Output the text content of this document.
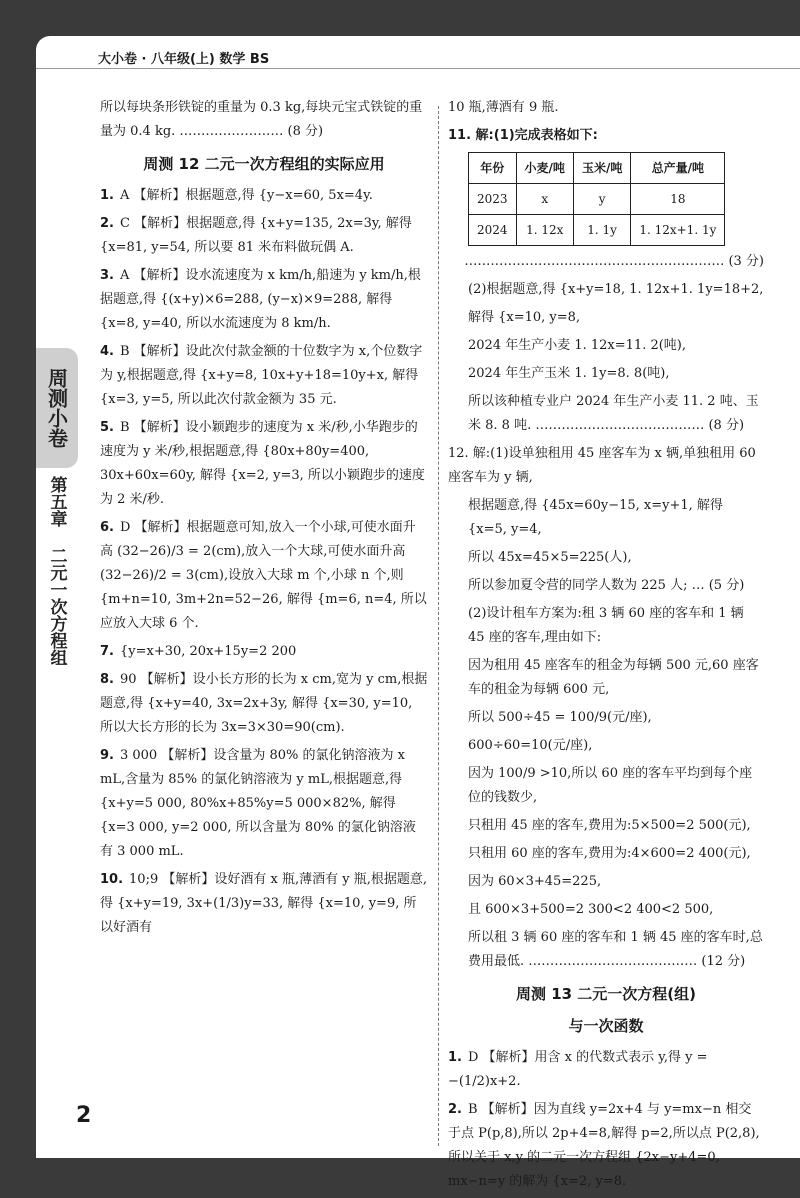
大小卷 · 八年级(上) 数学 BS
周测小卷
第五章 二元一次方程组
所以每块条形铁锭的重量为 0.3 kg,每块元宝式铁锭的重量为 0.4 kg. …………………… (8 分)
周测 12 二元一次方程组的实际应用
1. A 【解析】根据题意,得 {y−x=60, 5x=4y.
2. C 【解析】根据题意,得 {x+y=135, 2x=3y, 解得 {x=81, y=54, 所以要 81 米布料做玩偶 A.
3. A 【解析】设水流速度为 x km/h,船速为 y km/h,根据题意,得 {(x+y)×6=288, (y−x)×9=288, 解得 {x=8, y=40, 所以水流速度为 8 km/h.
4. B 【解析】设此次付款金额的十位数字为 x,个位数字为 y,根据题意,得 {x+y=8, 10x+y+18=10y+x, 解得 {x=3, y=5, 所以此次付款金额为 35 元.
5. B 【解析】设小颖跑步的速度为 x 米/秒,小华跑步的速度为 y 米/秒,根据题意,得 {80x+80y=400, 30x+60x=60y, 解得 {x=2, y=3, 所以小颖跑步的速度为 2 米/秒.
6. D 【解析】根据题意可知,放入一个小球,可使水面升高 (32−26)/3 = 2(cm),放入一个大球,可使水面升高 (32−26)/2 = 3(cm),设放入大球 m 个,小球 n 个,则 {m+n=10, 3m+2n=52−26, 解得 {m=6, n=4, 所以应放入大球 6 个.
7. {y=x+30, 20x+15y=2 200
8. 90 【解析】设小长方形的长为 x cm,宽为 y cm,根据题意,得 {x+y=40, 3x=2x+3y, 解得 {x=30, y=10, 所以大长方形的长为 3x=3×30=90(cm).
9. 3 000 【解析】设含量为 80% 的氯化钠溶液为 x mL,含量为 85% 的氯化钠溶液为 y mL,根据题意,得 {x+y=5 000, 80%x+85%y=5 000×82%, 解得 {x=3 000, y=2 000, 所以含量为 80% 的氯化钠溶液有 3 000 mL.
10. 10;9 【解析】设好酒有 x 瓶,薄酒有 y 瓶,根据题意,得 {x+y=19, 3x+(1/3)y=33, 解得 {x=10, y=9, 所以好酒有
10 瓶,薄酒有 9 瓶.
11. 解:(1)完成表格如下:
年份	小麦/吨	玉米/吨	总产量/吨
2023	x	y	18
2024	1. 12x	1. 1y	1. 12x+1. 1y
…………………………………………………… (3 分)
(2)根据题意,得 {x+y=18, 1. 12x+1. 1y=18+2,
解得 {x=10, y=8,
2024 年生产小麦 1. 12x=11. 2(吨),
2024 年生产玉米 1. 1y=8. 8(吨),
所以该种植专业户 2024 年生产小麦 11. 2 吨、玉米 8. 8 吨. ………………………………… (8 分)
12. 解:(1)设单独租用 45 座客车为 x 辆,单独租用 60 座客车为 y 辆,
根据题意,得 {45x=60y−15, x=y+1, 解得 {x=5, y=4,
所以 45x=45×5=225(人),
所以参加夏令营的同学人数为 225 人; … (5 分)
(2)设计租车方案为:租 3 辆 60 座的客车和 1 辆 45 座的客车,理由如下:
因为租用 45 座客车的租金为每辆 500 元,60 座客车的租金为每辆 600 元,
所以 500÷45 = 100/9(元/座),
600÷60=10(元/座),
因为 100/9 >10,所以 60 座的客车平均到每个座位的钱数少,
只租用 45 座的客车,费用为:5×500=2 500(元),
只租用 60 座的客车,费用为:4×600=2 400(元),
因为 60×3+45=225,
且 600×3+500=2 300<2 400<2 500,
所以租 3 辆 60 座的客车和 1 辆 45 座的客车时,总费用最低. ………………………………… (12 分)
周测 13 二元一次方程(组)
与一次函数
1. D 【解析】用含 x 的代数式表示 y,得 y = −(1/2)x+2.
2. B 【解析】因为直线 y=2x+4 与 y=mx−n 相交于点 P(p,8),所以 2p+4=8,解得 p=2,所以点 P(2,8),所以关于 x,y 的二元一次方程组 {2x−y+4=0, mx−n=y 的解为 {x=2, y=8.
2
